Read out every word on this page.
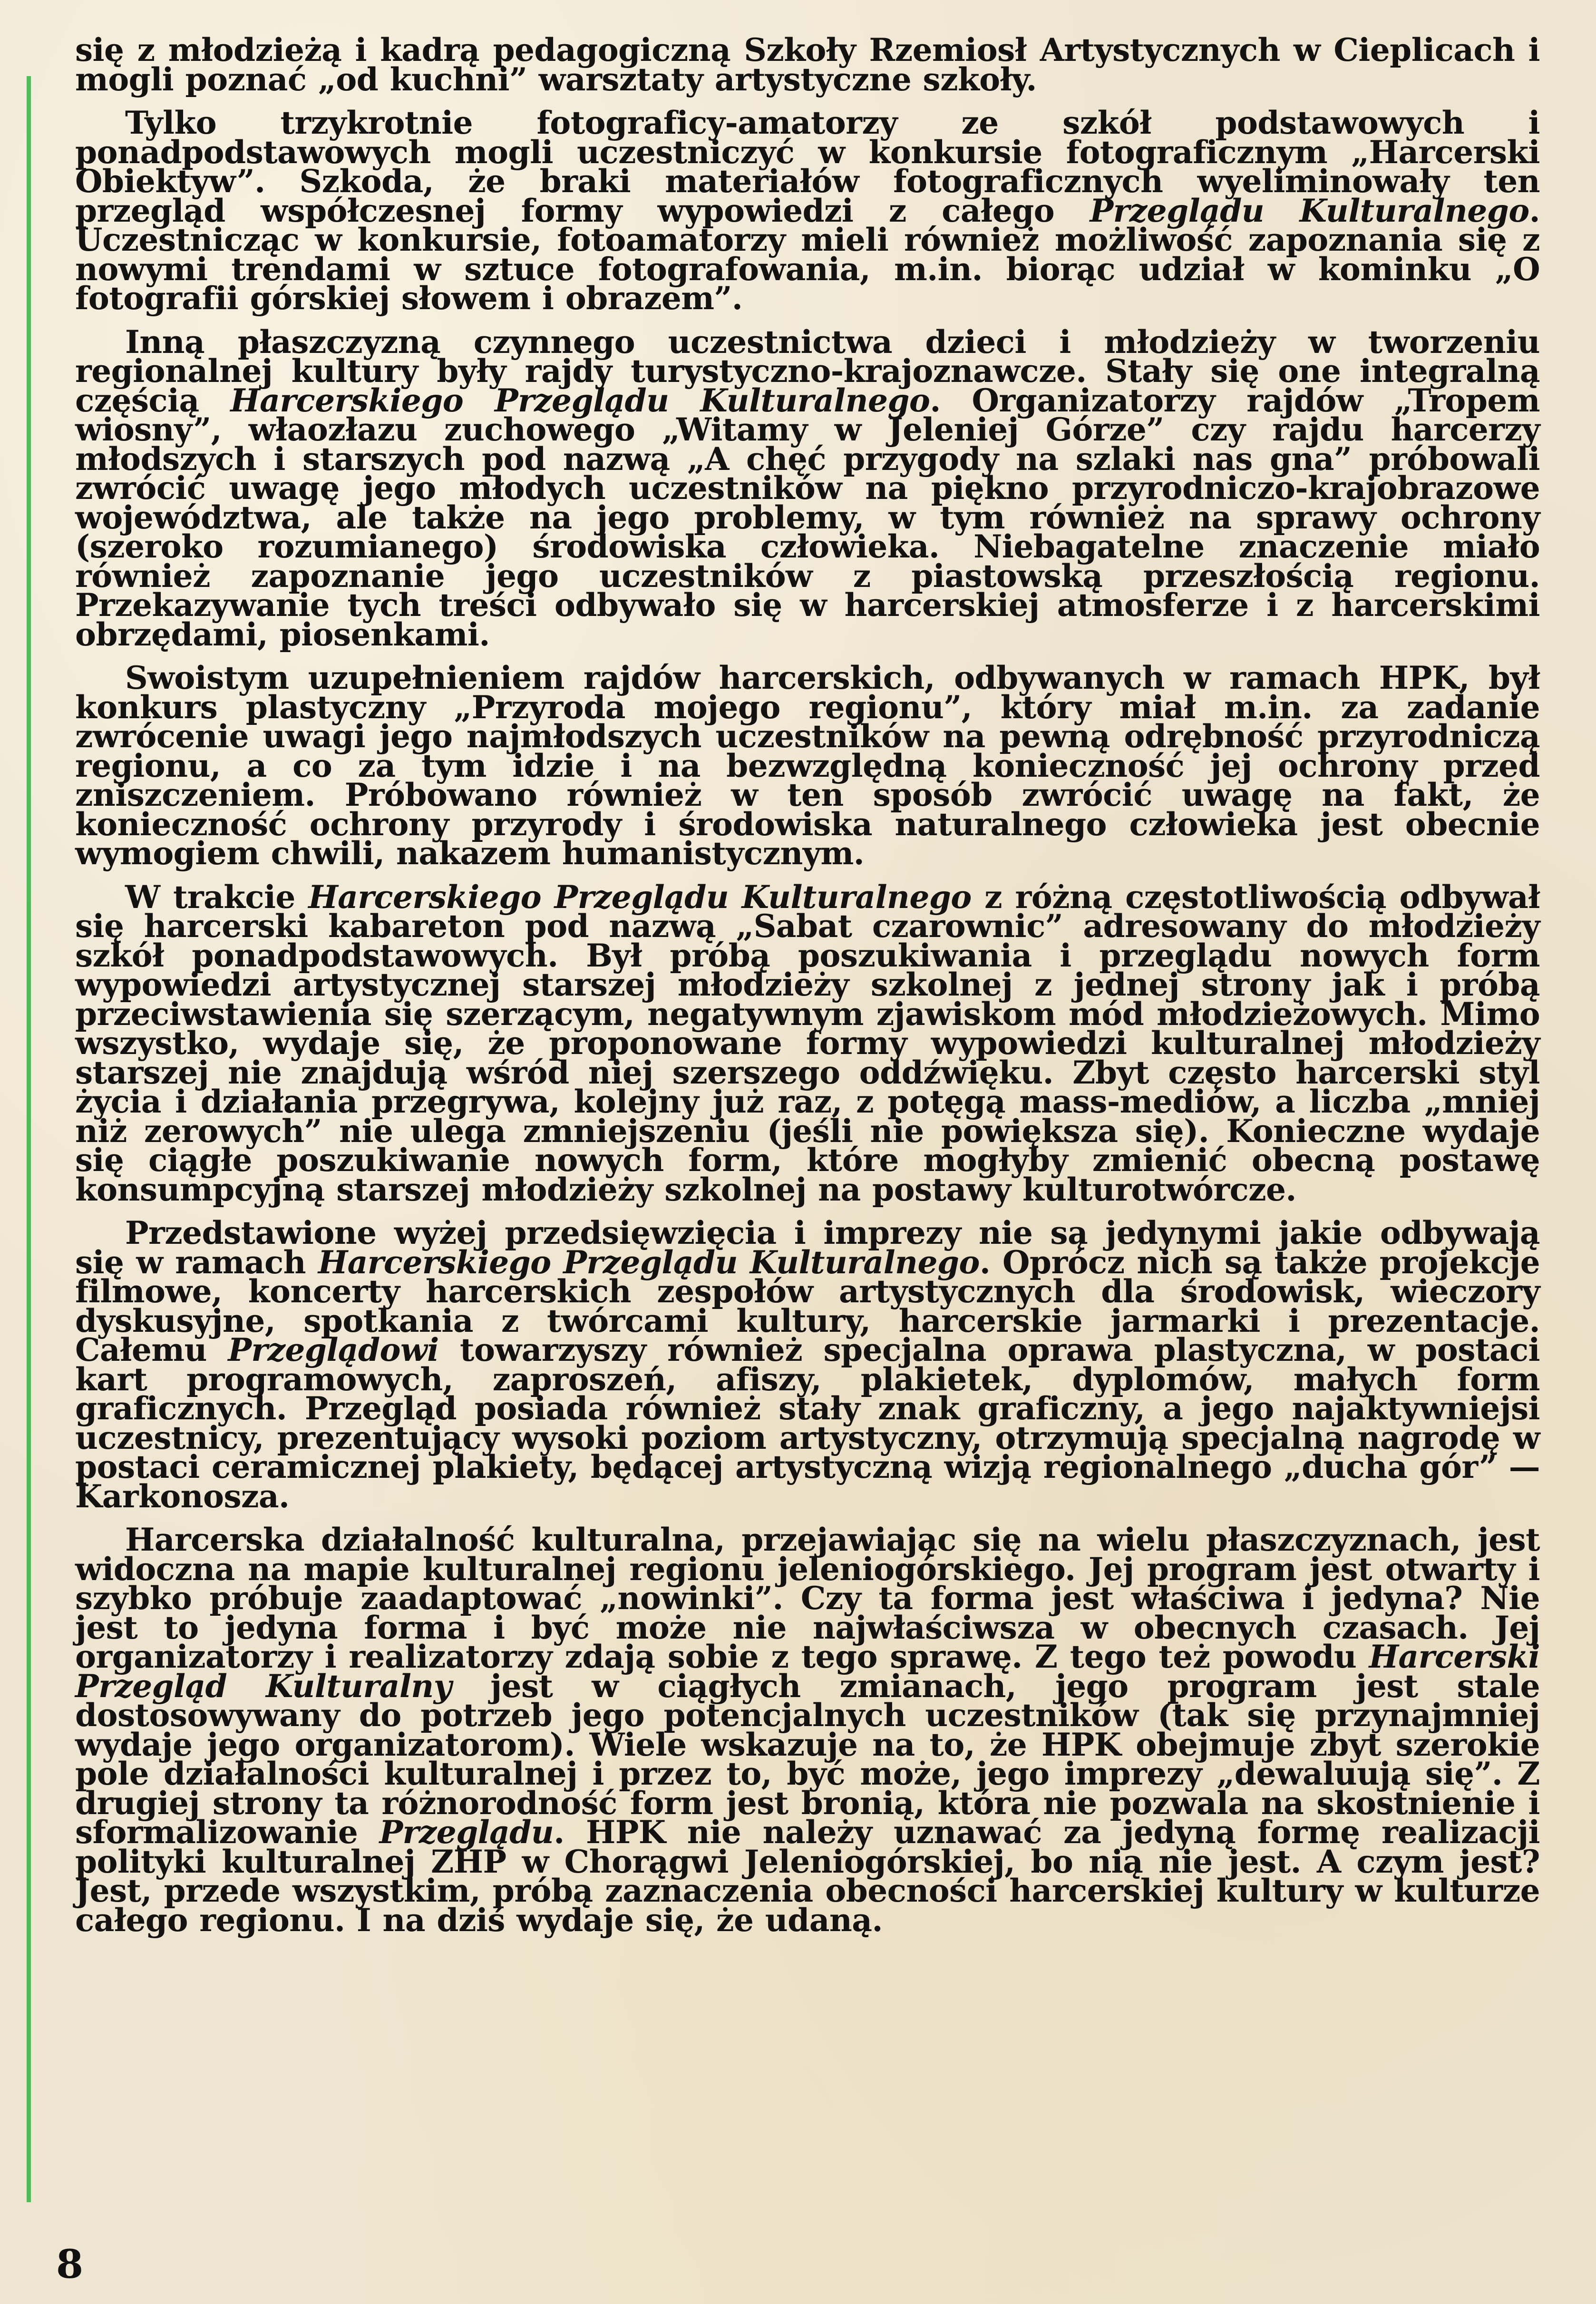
się z młodzieżą i kadrą pedagogiczną Szkoły Rzemiosł Artystycznych w Cieplicach i mogli poznać „od kuchni” warsztaty artystyczne szkoły.

Tylko trzykrotnie fotograficy-amatorzy ze szkół podstawowych i ponadpodstawowych mogli uczestniczyć w konkursie fotograficznym „Harcerski Obiektyw”. Szkoda, że braki materiałów fotograficznych wyeliminowały ten przegląd współczesnej formy wypowiedzi z całego Przeglądu Kulturalnego. Uczestnicząc w konkursie, fotoamatorzy mieli również możliwość zapoznania się z nowymi trendami w sztuce fotografowania, m.in. biorąc udział w kominku „O fotografii górskiej słowem i obrazem”.

Inną płaszczyzną czynnego uczestnictwa dzieci i młodzieży w tworzeniu regionalnej kultury były rajdy turystyczno-krajoznawcze. Stały się one integralną częścią Harcerskiego Przeglądu Kulturalnego. Organizatorzy rajdów „Tropem wiosny”, właozłazu zuchowego „Witamy w Jeleniej Górze” czy rajdu harcerzy młodszych i starszych pod nazwą „A chęć przygody na szlaki nas gna” próbowali zwrócić uwagę jego młodych uczestników na piękno przyrodniczo-krajobrazowe województwa, ale także na jego problemy, w tym również na sprawy ochrony (szeroko rozumianego) środowiska człowieka. Niebagatelne znaczenie miało również zapoznanie jego uczestników z piastowską przeszłością regionu. Przekazywanie tych treści odbywało się w harcerskiej atmosferze i z harcerskimi obrzędami, piosenkami.

Swoistym uzupełnieniem rajdów harcerskich, odbywanych w ramach HPK, był konkurs plastyczny „Przyroda mojego regionu”, który miał m.in. za zadanie zwrócenie uwagi jego najmłodszych uczestników na pewną odrębność przyrodniczą regionu, a co za tym idzie i na bezwzględną konieczność jej ochrony przed zniszczeniem. Próbowano również w ten sposób zwrócić uwagę na fakt, że konieczność ochrony przyrody i środowiska naturalnego człowieka jest obecnie wymogiem chwili, nakazem humanistycznym.

W trakcie Harcerskiego Przeglądu Kulturalnego z różną częstotliwością odbywał się harcerski kabareton pod nazwą „Sabat czarownic” adresowany do młodzieży szkół ponadpodstawowych. Był próbą poszukiwania i przeglądu nowych form wypowiedzi artystycznej starszej młodzieży szkolnej z jednej strony jak i próbą przeciwstawienia się szerzącym, negatywnym zjawiskom mód młodzieżowych. Mimo wszystko, wydaje się, że proponowane formy wypowiedzi kulturalnej młodzieży starszej nie znajdują wśród niej szerszego oddźwięku. Zbyt często harcerski styl życia i działania przegrywa, kolejny już raz, z potęgą mass-mediów, a liczba „mniej niż zerowych” nie ulega zmniejszeniu (jeśli nie powiększa się). Konieczne wydaje się ciągłe poszukiwanie nowych form, które mogłyby zmienić obecną postawę konsumpcyjną starszej młodzieży szkolnej na postawy kulturotwórcze.

Przedstawione wyżej przedsięwzięcia i imprezy nie są jedynymi jakie odbywają się w ramach Harcerskiego Przeglądu Kulturalnego. Oprócz nich są także projekcje filmowe, koncerty harcerskich zespołów artystycznych dla środowisk, wieczory dyskusyjne, spotkania z twórcami kultury, harcerskie jarmarki i prezentacje. Całemu Przeglądowi towarzyszy również specjalna oprawa plastyczna, w postaci kart programowych, zaproszeń, afiszy, plakietek, dyplomów, małych form graficznych. Przegląd posiada również stały znak graficzny, a jego najaktywniejsi uczestnicy, prezentujący wysoki poziom artystyczny, otrzymują specjalną nagrodę w postaci ceramicznej plakiety, będącej artystyczną wizją regionalnego „ducha gór” — Karkonosza.

Harcerska działalność kulturalna, przejawiając się na wielu płaszczyznach, jest widoczna na mapie kulturalnej regionu jeleniogórskiego. Jej program jest otwarty i szybko próbuje zaadaptować „nowinki”. Czy ta forma jest właściwa i jedyna? Nie jest to jedyna forma i być może nie najwłaściwsza w obecnych czasach. Jej organizatorzy i realizatorzy zdają sobie z tego sprawę. Z tego też powodu Harcerski Przegląd Kulturalny jest w ciągłych zmianach, jego program jest stale dostosowywany do potrzeb jego potencjalnych uczestników (tak się przynajmniej wydaje jego organizatorom). Wiele wskazuje na to, że HPK obejmuje zbyt szerokie pole działalności kulturalnej i przez to, być może, jego imprezy „dewaluują się”. Z drugiej strony ta różnorodność form jest bronią, która nie pozwala na skostnienie i sformalizowanie Przeglądu. HPK nie należy uznawać za jedyną formę realizacji polityki kulturalnej ZHP w Chorągwi Jeleniogórskiej, bo nią nie jest. A czym jest? Jest, przede wszystkim, próbą zaznaczenia obecności harcerskiej kultury w kulturze całego regionu. I na dziś wydaje się, że udaną.

8
